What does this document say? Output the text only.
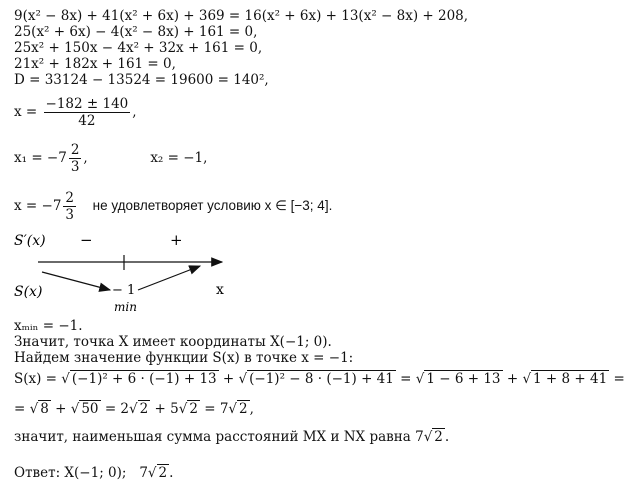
9(x² − 8x) + 41(x² + 6x) + 369 = 16(x² + 6x) + 13(x² − 8x) + 208,
25(x² + 6x) − 4(x² − 8x) + 161 = 0,
25x² + 150x − 4x² + 32x + 161 = 0,
21x² + 182x + 161 = 0,
D = 33124 − 13524 = 19600 = 140²,
$x = \frac{-182 \pm 140}{42}$ ,
$x_1 = -7 \frac{2}{3}$ ,	x₂ = −1,
$x = -7 \frac{2}{3}$ не удовлетворяет условию x ∈ [−3; 4].
S′(x) −	+
S(x)	− 1	x
min
xₘᵢₙ = −1.
Значит, точка X имеет координаты X(−1; 0).
Найдем значение функции S(x) в точке x = −1:
S(x) = √ (−1)² + 6 · (−1) + 13 + √ (−1)² − 8 · (−1) + 41 = √ 1 − 6 + 13 + √ 1 + 8 + 41 =
= √ 8 + √ 50 = 2√ 2 + 5√ 2 = 7√ 2 ,
значит, наименьшая сумма расстояний MX и NX равна 7√ 2 .
Ответ: X(−1; 0);   7√ 2 .
